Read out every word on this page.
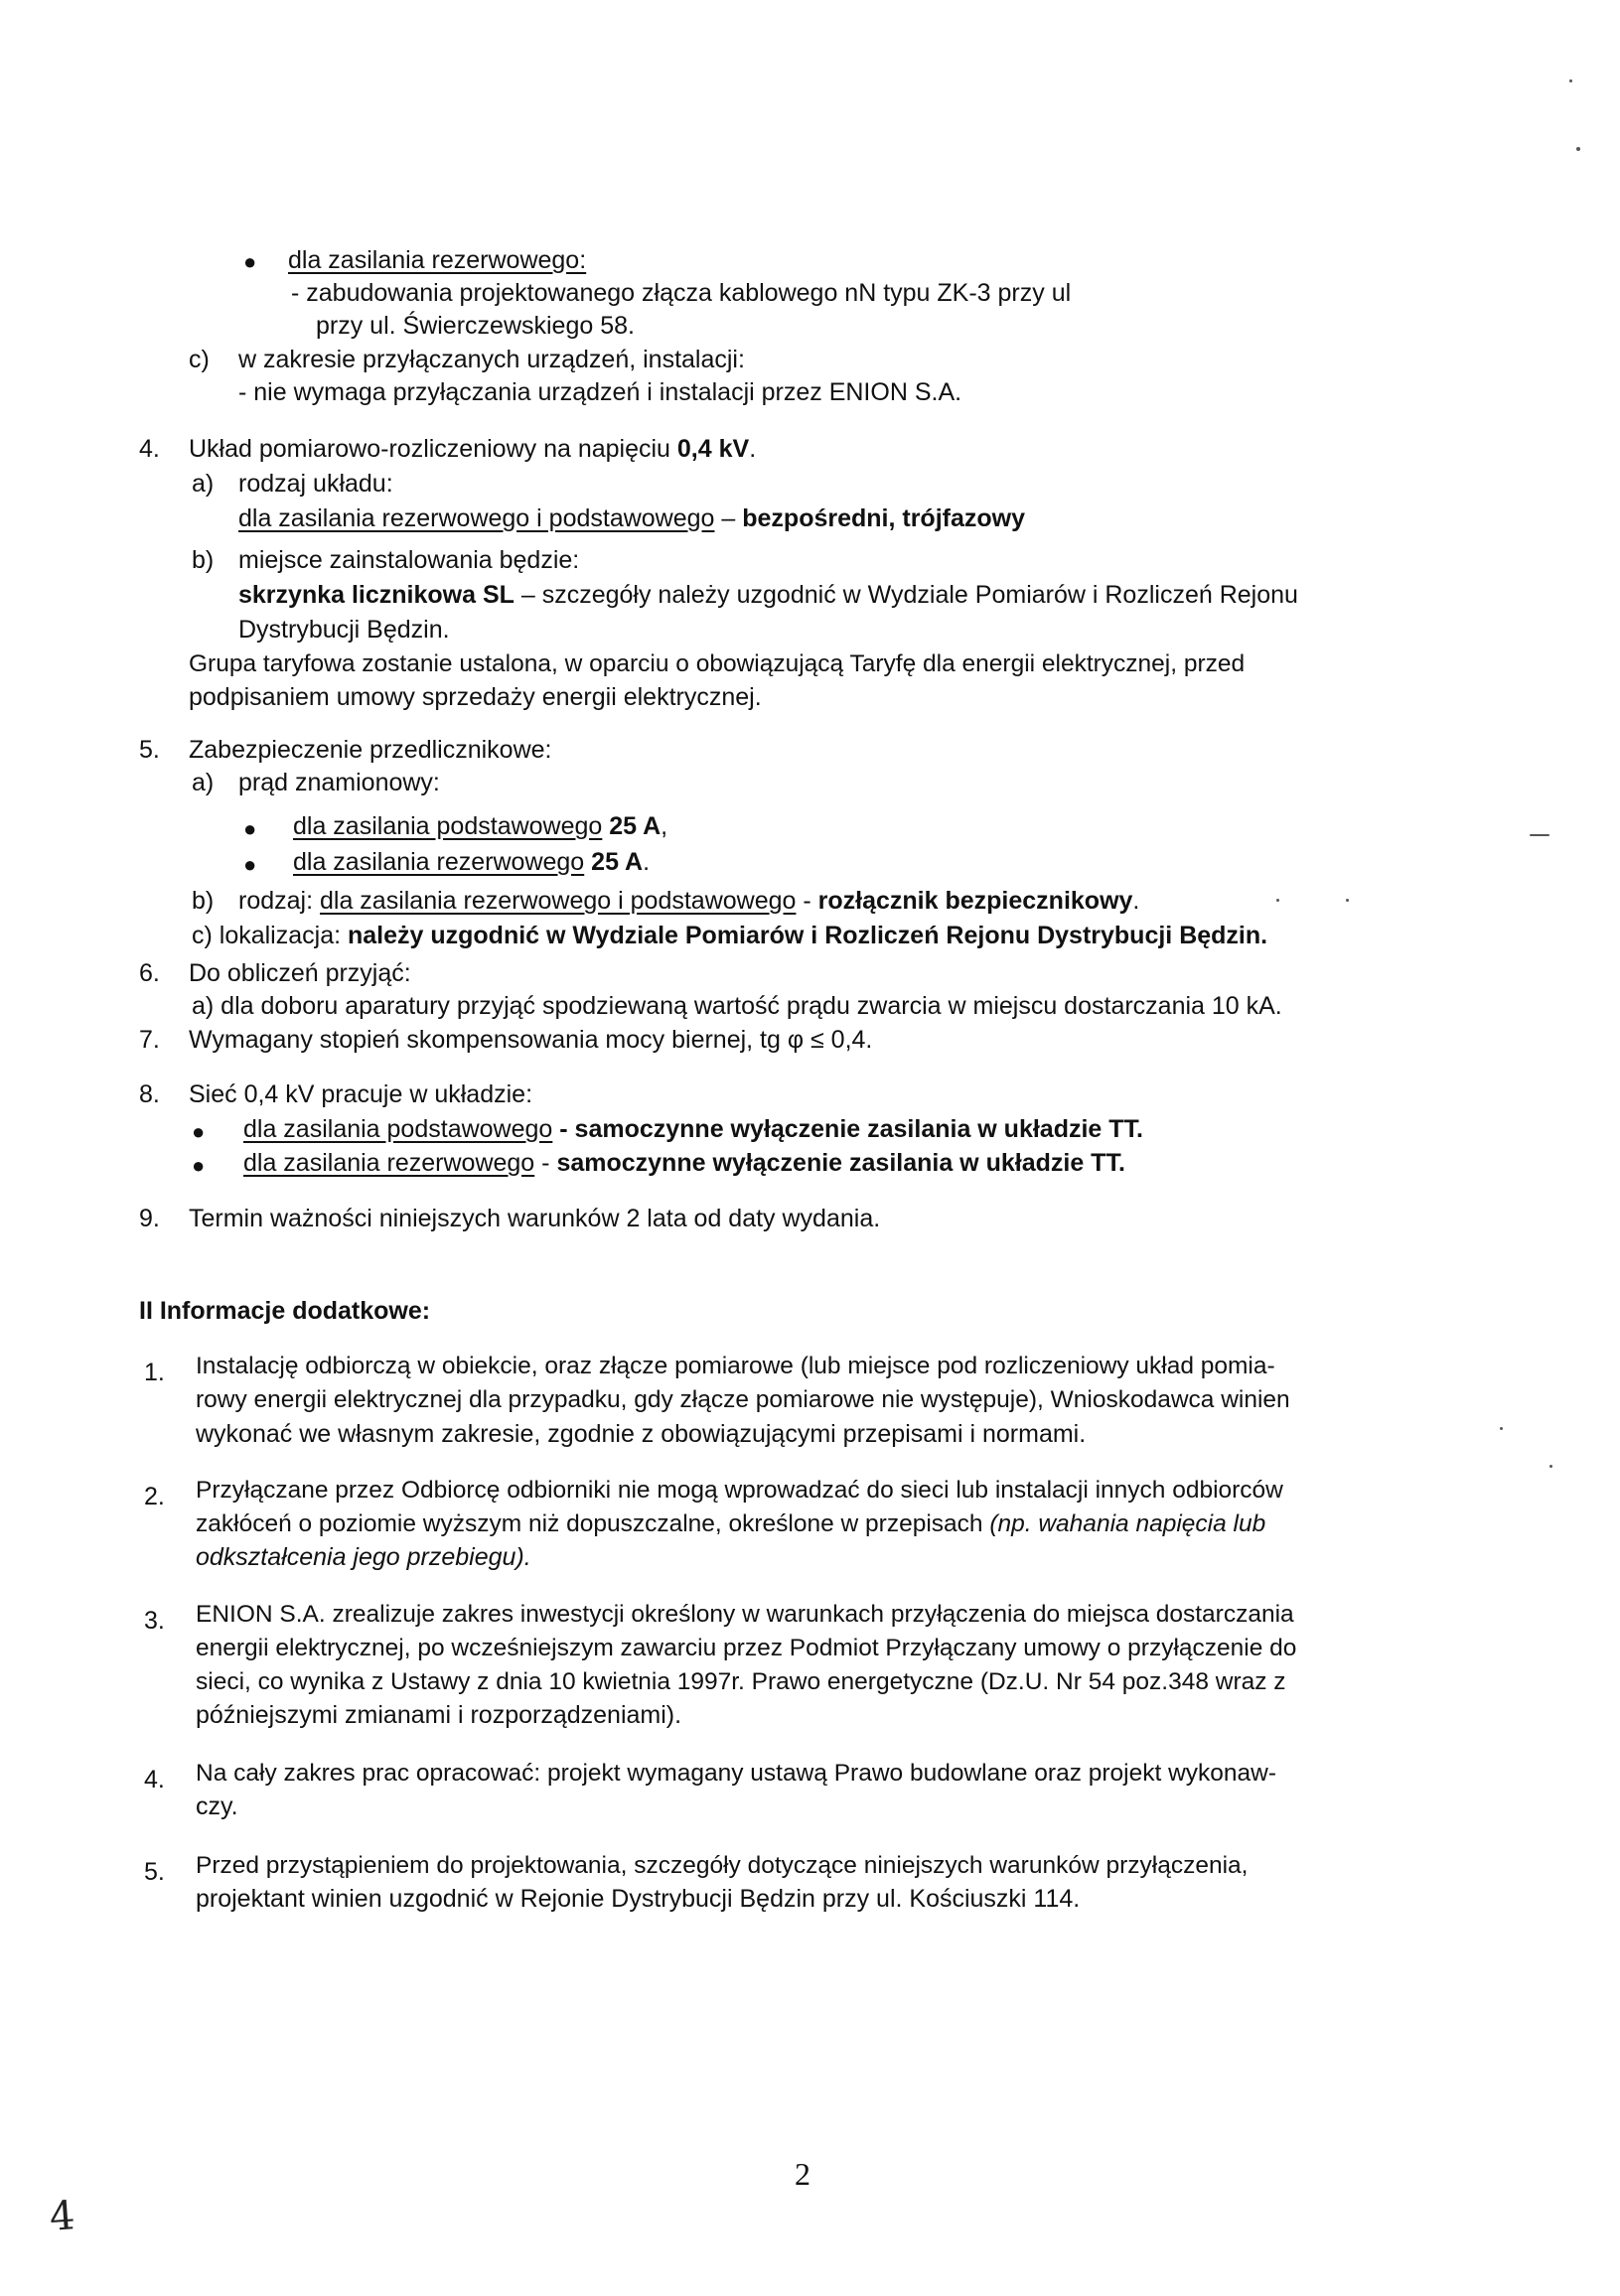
● dla zasilania rezerwowego:
- zabudowania projektowanego złącza kablowego nN typu ZK-3 przy ul
przy ul. Świerczewskiego 58.
c) w zakresie przyłączanych urządzeń, instalacji:
- nie wymaga przyłączania urządzeń i instalacji przez ENION S.A.
4. Układ pomiarowo-rozliczeniowy na napięciu 0,4 kV.
a) rodzaj układu:
dla zasilania rezerwowego i podstawowego – bezpośredni, trójfazowy
b) miejsce zainstalowania będzie:
skrzynka licznikowa SL – szczegóły należy uzgodnić w Wydziale Pomiarów i Rozliczeń Rejonu
Dystrybucji Będzin.
Grupa taryfowa zostanie ustalona, w oparciu o obowiązującą Taryfę dla energii elektrycznej, przed
podpisaniem umowy sprzedaży energii elektrycznej.
5. Zabezpieczenie przedlicznikowe:
a) prąd znamionowy:
● dla zasilania podstawowego 25 A,
● dla zasilania rezerwowego 25 A.
b) rodzaj: dla zasilania rezerwowego i podstawowego - rozłącznik bezpiecznikowy.
c) lokalizacja: należy uzgodnić w Wydziale Pomiarów i Rozliczeń Rejonu Dystrybucji Będzin.
6. Do obliczeń przyjąć:
a) dla doboru aparatury przyjąć spodziewaną wartość prądu zwarcia w miejscu dostarczania 10 kA.
7. Wymagany stopień skompensowania mocy biernej, tg φ ≤ 0,4.
8. Sieć 0,4 kV pracuje w układzie:
● dla zasilania podstawowego - samoczynne wyłączenie zasilania w układzie TT.
● dla zasilania rezerwowego - samoczynne wyłączenie zasilania w układzie TT.
9. Termin ważności niniejszych warunków 2 lata od daty wydania.
II Informacje dodatkowe:
1. Instalację odbiorczą w obiekcie, oraz złącze pomiarowe (lub miejsce pod rozliczeniowy układ pomia-
rowy energii elektrycznej dla przypadku, gdy złącze pomiarowe nie występuje), Wnioskodawca winien
wykonać we własnym zakresie, zgodnie z obowiązującymi przepisami i normami.
2. Przyłączane przez Odbiorcę odbiorniki nie mogą wprowadzać do sieci lub instalacji innych odbiorców
zakłóceń o poziomie wyższym niż dopuszczalne, określone w przepisach (np. wahania napięcia lub
odkształcenia jego przebiegu).
3. ENION S.A. zrealizuje zakres inwestycji określony w warunkach przyłączenia do miejsca dostarczania
energii elektrycznej, po wcześniejszym zawarciu przez Podmiot Przyłączany umowy o przyłączenie do
sieci, co wynika z Ustawy z dnia 10 kwietnia 1997r. Prawo energetyczne (Dz.U. Nr 54 poz.348 wraz z
późniejszymi zmianami i rozporządzeniami).
4. Na cały zakres prac opracować: projekt wymagany ustawą Prawo budowlane oraz projekt wykonaw-
czy.
5. Przed przystąpieniem do projektowania, szczegóły dotyczące niniejszych warunków przyłączenia,
projektant winien uzgodnić w Rejonie Dystrybucji Będzin przy ul. Kościuszki 114.
2
4
